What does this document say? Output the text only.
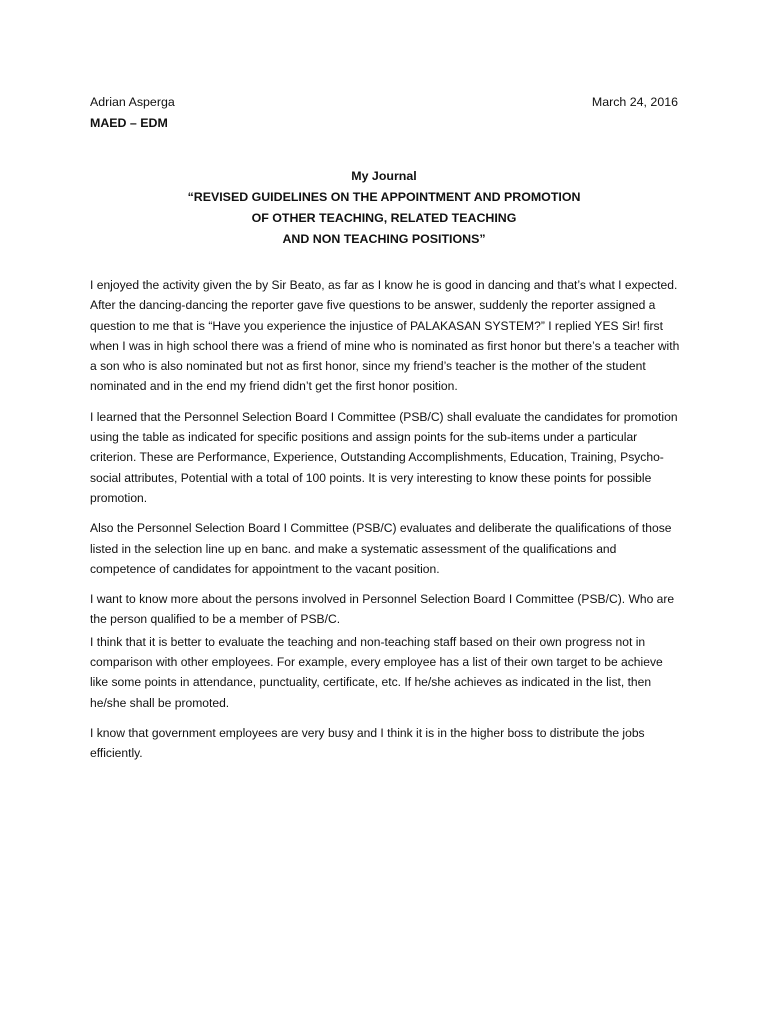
Adrian Asperga	March 24, 2016
MAED – EDM
My Journal
“REVISED GUIDELINES ON THE APPOINTMENT AND PROMOTION
OF OTHER TEACHING, RELATED TEACHING
AND NON TEACHING POSITIONS”

I enjoyed the activity given the by Sir Beato, as far as I know he is good in dancing and that’s what I expected. After the dancing-dancing the reporter gave five questions to be answer, suddenly the reporter assigned a question to me that is “Have you experience the injustice of PALAKASAN SYSTEM?” I replied YES Sir! first when I was in high school there was a friend of mine who is nominated as first honor but there’s a teacher with a son who is also nominated but not as first honor, since my friend’s teacher is the mother of the student nominated and in the end my friend didn’t get the first honor position.

I learned that the Personnel Selection Board I Committee (PSB/C) shall evaluate the candidates for promotion using the table as indicated for specific positions and assign points for the sub-items under a particular criterion. These are Performance, Experience, Outstanding Accomplishments, Education, Training, Psycho-social attributes, Potential with a total of 100 points. It is very interesting to know these points for possible promotion.

Also the Personnel Selection Board I Committee (PSB/C) evaluates and deliberate the qualifications of those listed in the selection line up en banc. and make a systematic assessment of the qualifications and competence of candidates for appointment to the vacant position.

I want to know more about the persons involved in Personnel Selection Board I Committee (PSB/C). Who are the person qualified to be a member of PSB/C.

I think that it is better to evaluate the teaching and non-teaching staff based on their own progress not in comparison with other employees. For example, every employee has a list of their own target to be achieve like some points in attendance, punctuality, certificate, etc. If he/she achieves as indicated in the list, then he/she shall be promoted.

I know that government employees are very busy and I think it is in the higher boss to distribute the jobs efficiently.
